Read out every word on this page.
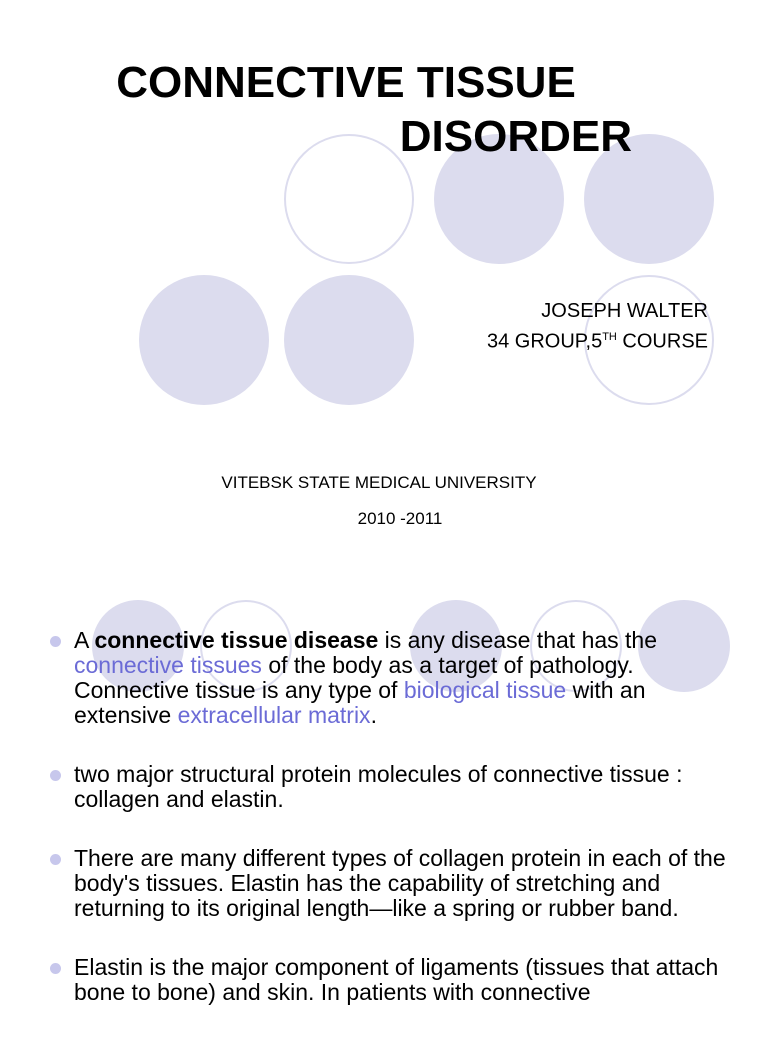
CONNECTIVE TISSUE
DISORDER
JOSEPH WALTER
34 GROUP,5TH COURSE
VITEBSK STATE MEDICAL UNIVERSITY
2010 -2011
A connective tissue disease is any disease that has the connective tissues of the body as a target of pathology. Connective tissue is any type of biological tissue with an extensive extracellular matrix.
two major structural protein molecules of connective tissue : collagen and elastin.
There are many different types of collagen protein in each of the body's tissues. Elastin has the capability of stretching and returning to its original length—like a spring or rubber band.
Elastin is the major component of ligaments (tissues that attach bone to bone) and skin. In patients with connective
